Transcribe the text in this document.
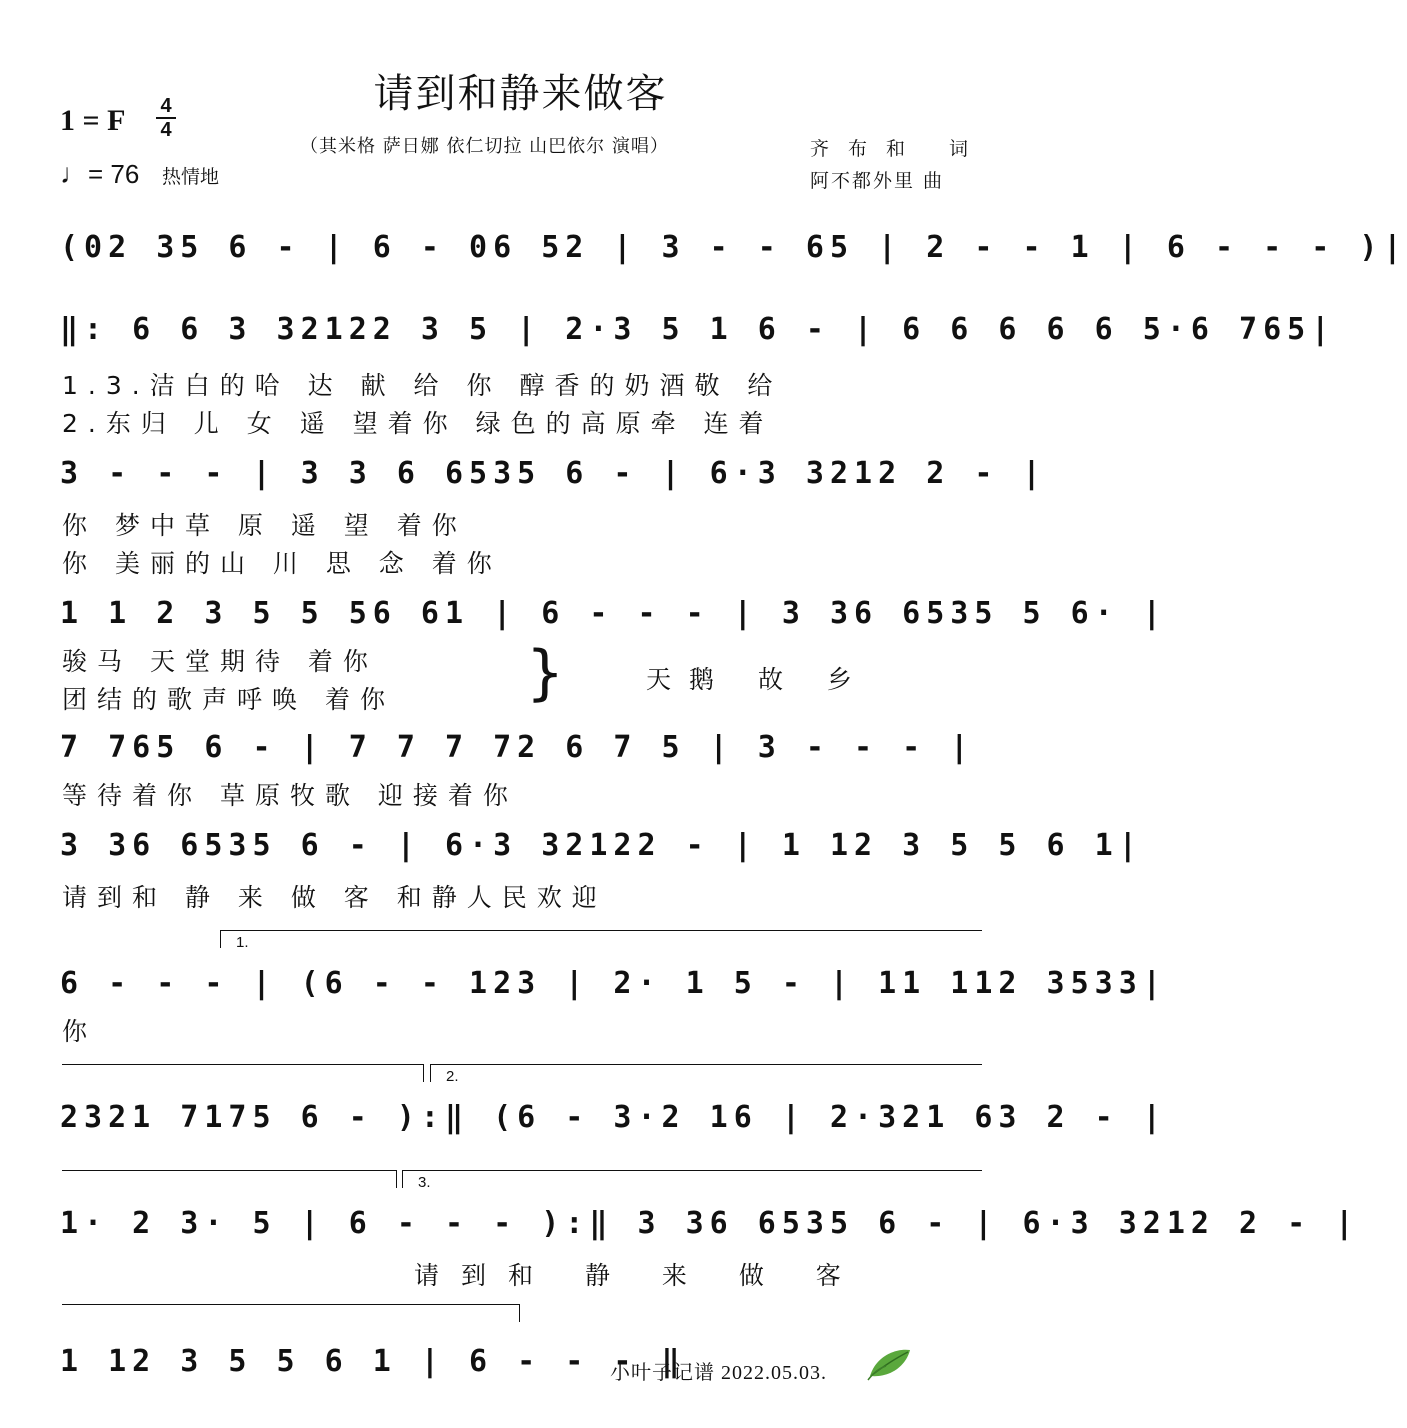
请到和静来做客
1 = F 4
4
♩= 76 热情地
（其米格 萨日娜 依仁切拉 山巴依尔 演唱）	齐布和 词
阿不都外里 曲
(02 35 6 - | 6 - 06 52 | 3 - - 65 | 2 - - 1 | 6 - - - )|
‖: 6 6 3 32122 3 5 | 2·3 5 1 6 - | 6 6 6 6 6 5·6 765|
1.3.洁白的哈 达 献 给 你 醇香的奶酒敬 给
2.东归 儿 女 遥 望着你 绿色的高原牵 连着
3 - - - | 3 3 6 6535 6 - | 6·3 3212 2 - |
你 梦中草 原 遥 望 着你
你 美丽的山 川 思 念 着你
1 1 2 3 5 5 56 61 | 6 - - - | 3 36 6535 5 6· |
骏马 天堂期待 着你
团结的歌声呼唤 着你 }	天鹅 故 乡
7 765 6 - | 7 7 7 72 6 7 5 | 3 - - - |
等待着你 草原牧歌 迎接着你
3 36 6535 6 - | 6·3 32122 - | 1 12 3 5 5 6 1|
请到和 静 来 做 客 和静人民欢迎
1.
6 - - - | (6 - - 123 | 2· 1 5 - | 11 112 3533|
你
2.
2321 7175 6 - ):‖ (6 - 3·2 16 | 2·321 63 2 - |
3.
1· 2 3· 5 | 6 - - - ):‖ 3 36 6535 6 - | 6·3 3212 2 - |
请到和 静 来 做 客
1 12 3 5 5 6 1 | 6 - - - ‖
小叶子记谱 2022.05.03.
